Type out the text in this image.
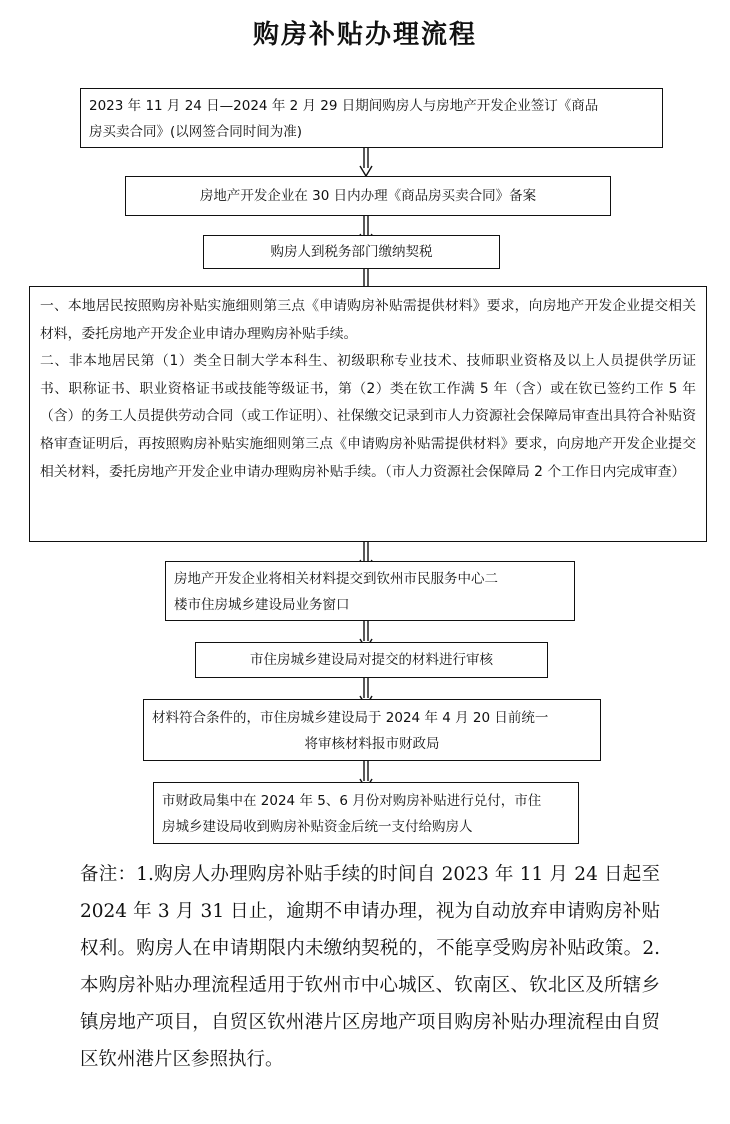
购房补贴办理流程
2023 年 11 月 24 日—2024 年 2 月 29 日期间购房人与房地产开发企业签订《商品
房买卖合同》(以网签合同时间为准)
房地产开发企业在 30 日内办理《商品房买卖合同》备案
购房人到税务部门缴纳契税
一、本地居民按照购房补贴实施细则第三点《申请购房补贴需提供材料》要求，向房地产开发企业提交相关材料，委托房地产开发企业申请办理购房补贴手续。
二、非本地居民第（1）类全日制大学本科生、初级职称专业技术、技师职业资格及以上人员提供学历证书、职称证书、职业资格证书或技能等级证书，第（2）类在钦工作满 5 年（含）或在钦已签约工作 5 年（含）的务工人员提供劳动合同（或工作证明）、社保缴交记录到市人力资源社会保障局审查出具符合补贴资格审查证明后，再按照购房补贴实施细则第三点《申请购房补贴需提供材料》要求，向房地产开发企业提交相关材料，委托房地产开发企业申请办理购房补贴手续。（市人力资源社会保障局 2 个工作日内完成审查）
房地产开发企业将相关材料提交到钦州市民服务中心二
楼市住房城乡建设局业务窗口
市住房城乡建设局对提交的材料进行审核
材料符合条件的，市住房城乡建设局于 2024 年 4 月 20 日前统一
将审核材料报市财政局
市财政局集中在 2024 年 5、6 月份对购房补贴进行兑付，市住
房城乡建设局收到购房补贴资金后统一支付给购房人
备注：1.购房人办理购房补贴手续的时间自 2023 年 11 月 24 日起至 2024 年 3 月 31 日止，逾期不申请办理，视为自动放弃申请购房补贴权利。购房人在申请期限内未缴纳契税的，不能享受购房补贴政策。2.本购房补贴办理流程适用于钦州市中心城区、钦南区、钦北区及所辖乡镇房地产项目，自贸区钦州港片区房地产项目购房补贴办理流程由自贸区钦州港片区参照执行。
